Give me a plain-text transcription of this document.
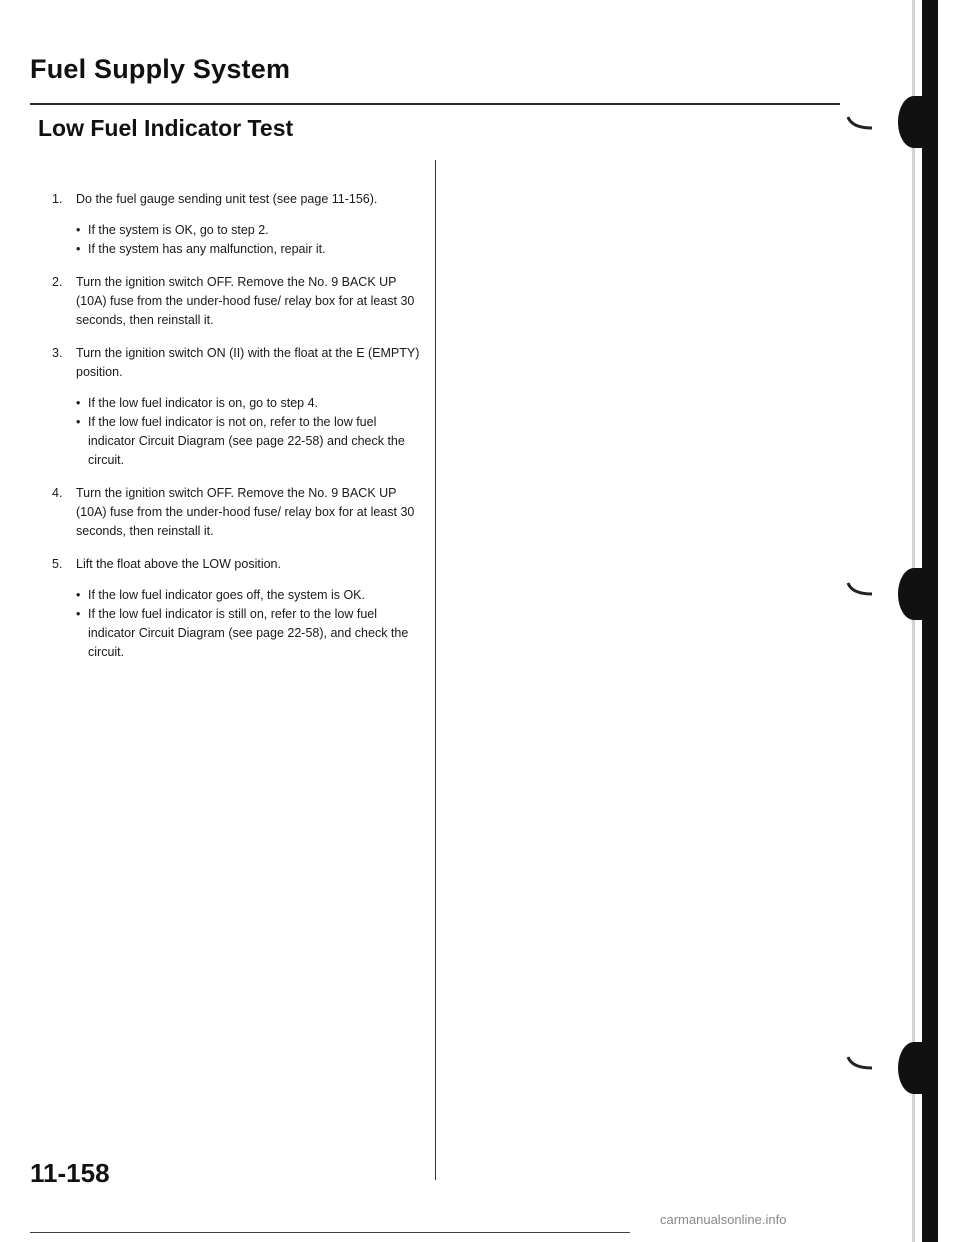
Fuel Supply System
Low Fuel Indicator Test
1. Do the fuel gauge sending unit test (see page 11-156).
• If the system is OK, go to step 2.
• If the system has any malfunction, repair it.
2. Turn the ignition switch OFF. Remove the No. 9 BACK UP (10A) fuse from the under-hood fuse/ relay box for at least 30 seconds, then reinstall it.
3. Turn the ignition switch ON (II) with the float at the E (EMPTY) position.
• If the low fuel indicator is on, go to step 4.
• If the low fuel indicator is not on, refer to the low fuel indicator Circuit Diagram (see page 22-58) and check the circuit.
4. Turn the ignition switch OFF. Remove the No. 9 BACK UP (10A) fuse from the under-hood fuse/ relay box for at least 30 seconds, then reinstall it.
5. Lift the float above the LOW position.
• If the low fuel indicator goes off, the system is OK.
• If the low fuel indicator is still on, refer to the low fuel indicator Circuit Diagram (see page 22-58), and check the circuit.

11-158

carmanualsonline.info
